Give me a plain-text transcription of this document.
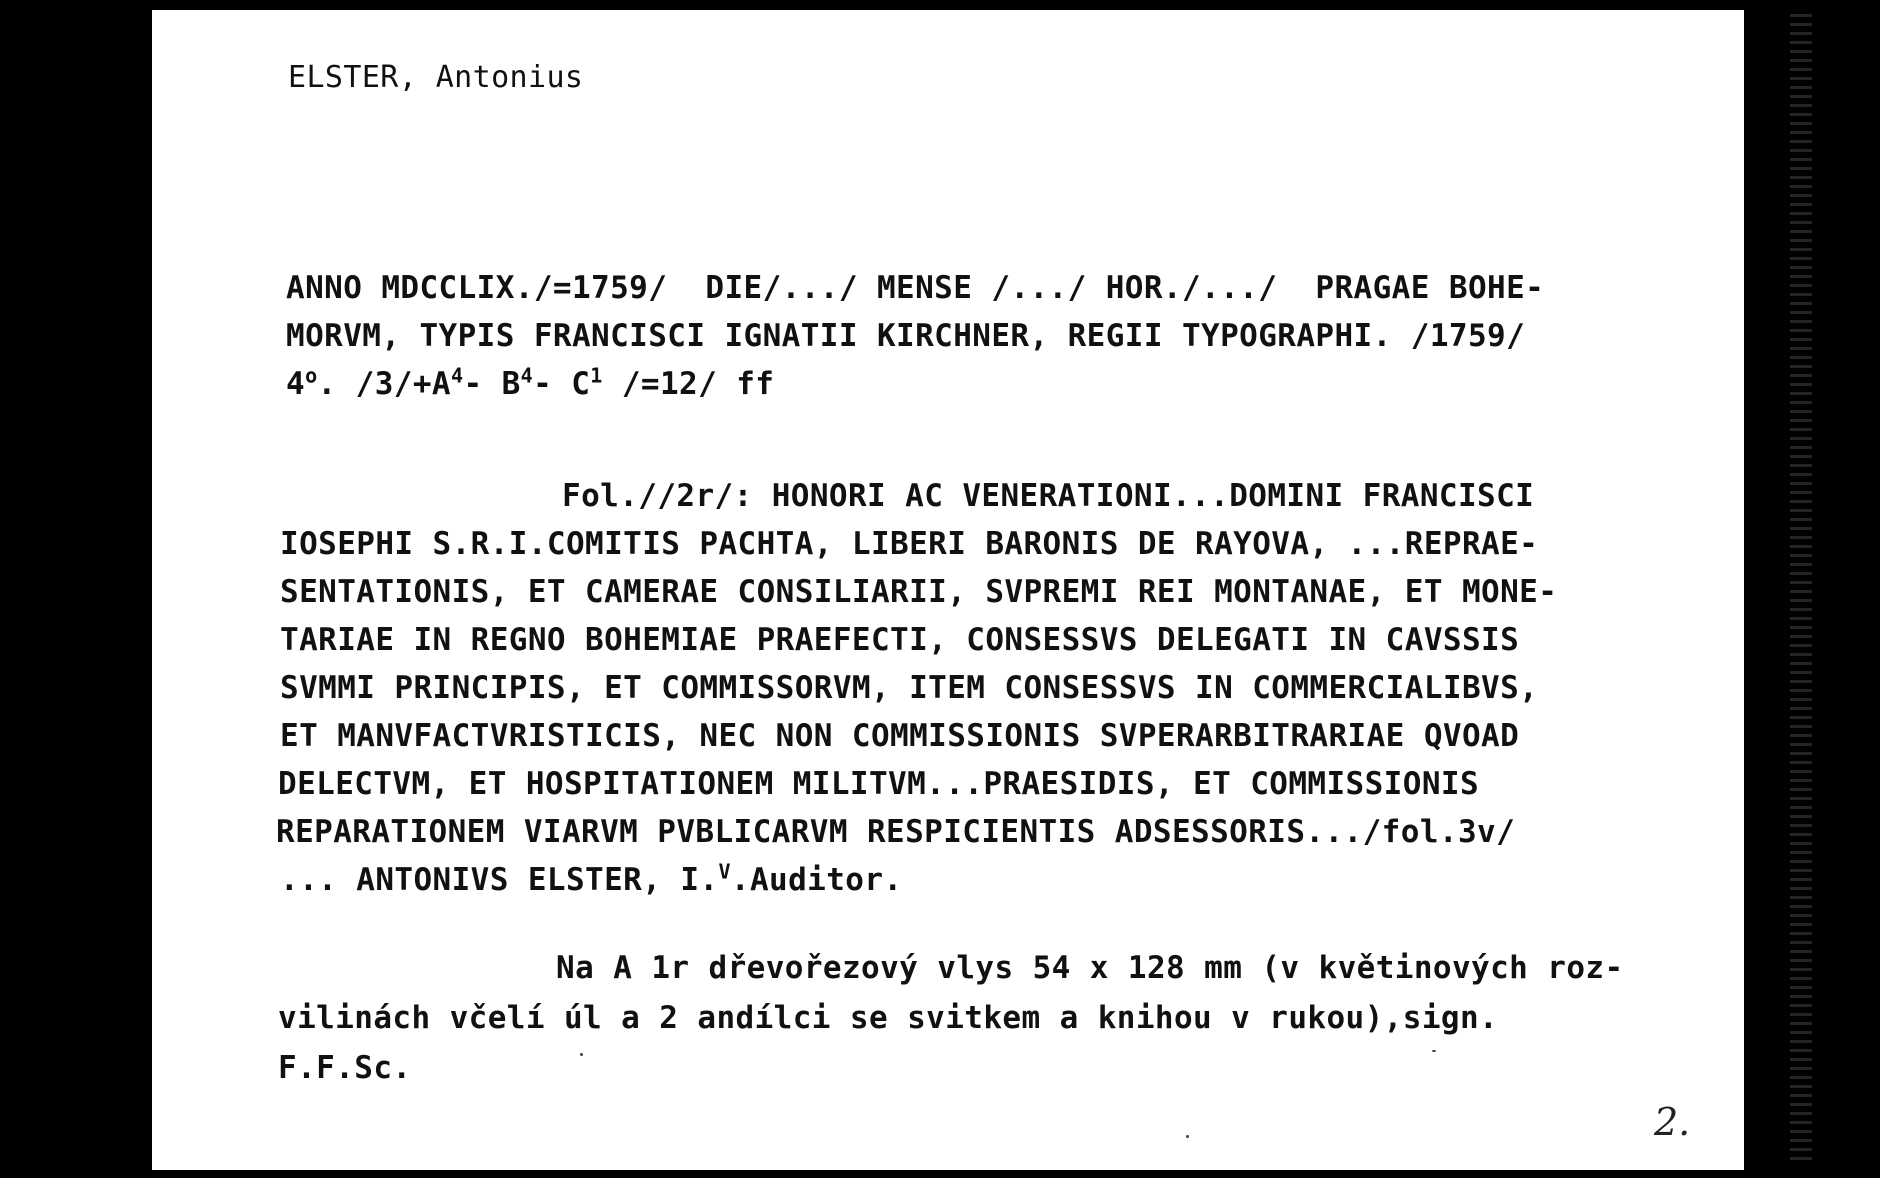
ELSTER, Antonius
ANNO MDCCLIX./=1759/  DIE/.../ MENSE /.../ HOR./.../  PRAGAE BOHE-
MORVM, TYPIS FRANCISCI IGNATII KIRCHNER, REGII TYPOGRAPHI. /1759/
4$^o$. $/3/+A^4-$ $B^4-$ $C^1$ /=12/ ff
Fol.//2r/: HONORI AC VENERATIONI...DOMINI FRANCISCI
IOSEPHI S.R.I.COMITIS PACHTA, LIBERI BARONIS DE RAYOVA, ...REPRAE-
SENTATIONIS, ET CAMERAE CONSILIARII, SVPREMI REI MONTANAE, ET MONE-
TARIAE IN REGNO BOHEMIAE PRAEFECTI, CONSESSVS DELEGATI IN CAVSSIS
SVMMI PRINCIPIS, ET COMMISSORVM, ITEM CONSESSVS IN COMMERCIALIBVS,
ET MANVFACTVRISTICIS, NEC NON COMMISSIONIS SVPERARBITRARIAE QVOAD
DELECTVM, ET HOSPITATIONEM MILITVM...PRAESIDIS, ET COMMISSIONIS
REPARATIONEM VIARVM PVBLICARVM RESPICIENTIS ADSESSORIS.../fol.3v/
... ANTONIVS ELSTER, I.$^V$.Auditor.
Na A 1r dřevořezový vlys 54 x 128 mm (v květinových roz-
vilinách včelí úl a 2 andílci se svitkem a knihou v rukou),sign.
F.F.Sc.
2.
